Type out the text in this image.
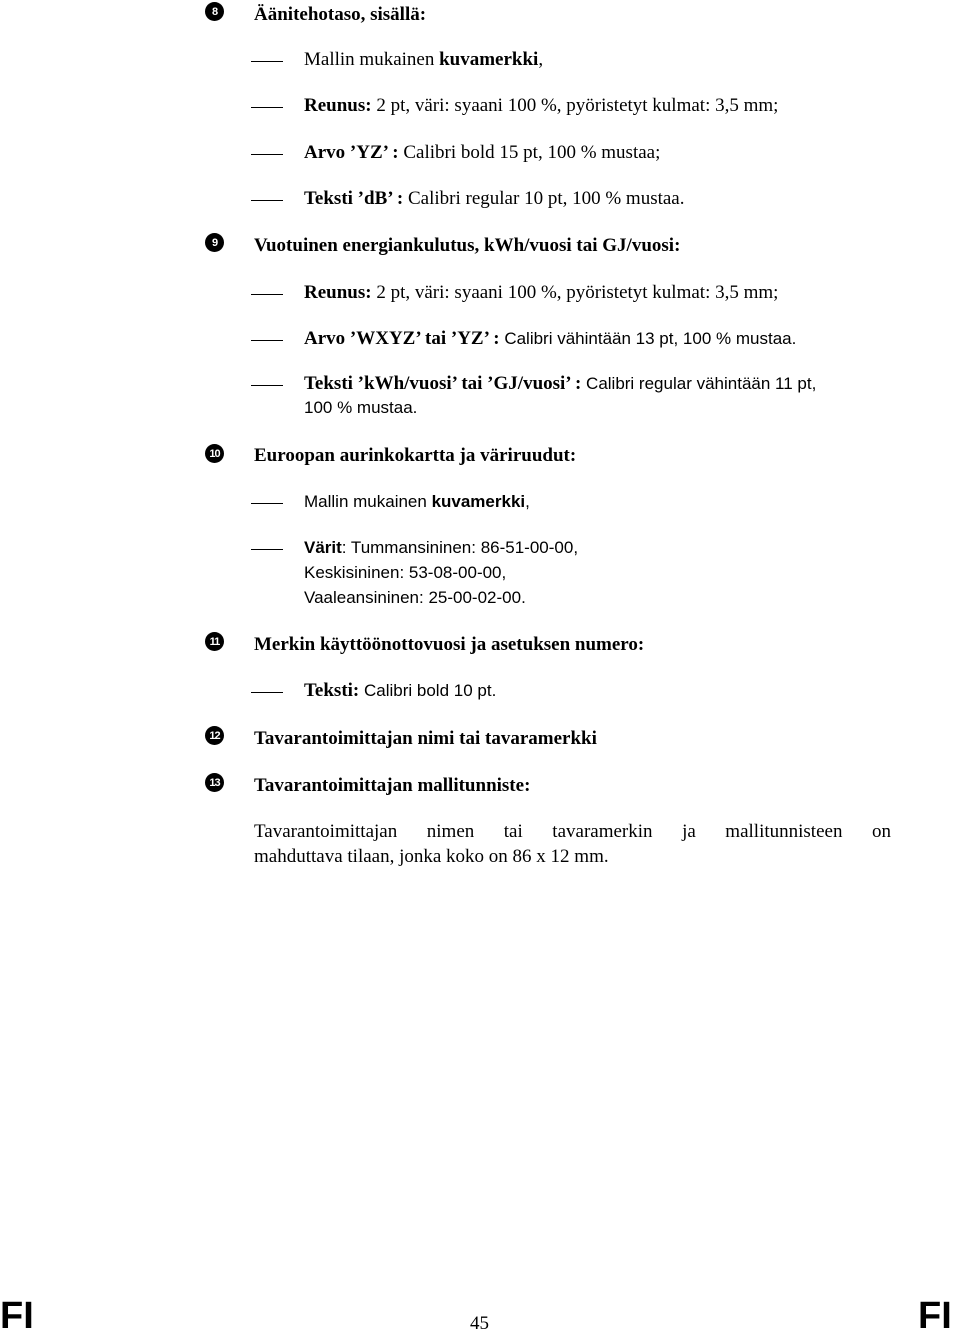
8	Äänitehotaso, sisällä:
Mallin mukainen kuvamerkki,
Reunus: 2 pt, väri: syaani 100 %, pyöristetyt kulmat: 3,5 mm;
Arvo ’YZ’ : Calibri bold 15 pt, 100 % mustaa;
Teksti ’dB’ : Calibri regular 10 pt, 100 % mustaa.
9	Vuotuinen energiankulutus, kWh/vuosi tai GJ/vuosi:
Reunus: 2 pt, väri: syaani 100 %, pyöristetyt kulmat: 3,5 mm;
Arvo ’WXYZ’ tai ’YZ’ : Calibri vähintään 13 pt, 100 % mustaa.
Teksti ’kWh/vuosi’ tai ’GJ/vuosi’ : Calibri regular vähintään 11 pt,
100 % mustaa.
10 Euroopan aurinkokartta ja väriruudut:
Mallin mukainen kuvamerkki,
Värit: Tummansininen: 86-51-00-00,
Keskisininen: 53-08-00-00,
Vaaleansininen: 25-00-02-00.
11 Merkin käyttöönottovuosi ja asetuksen numero:
Teksti: Calibri bold 10 pt.
12 Tavarantoimittajan nimi tai tavaramerkki
13 Tavarantoimittajan mallitunniste:
Tavarantoimittajan nimen tai tavaramerkin ja mallitunnisteen on
mahduttava tilaan, jonka koko on 86 x 12 mm.
FI	45	FI
